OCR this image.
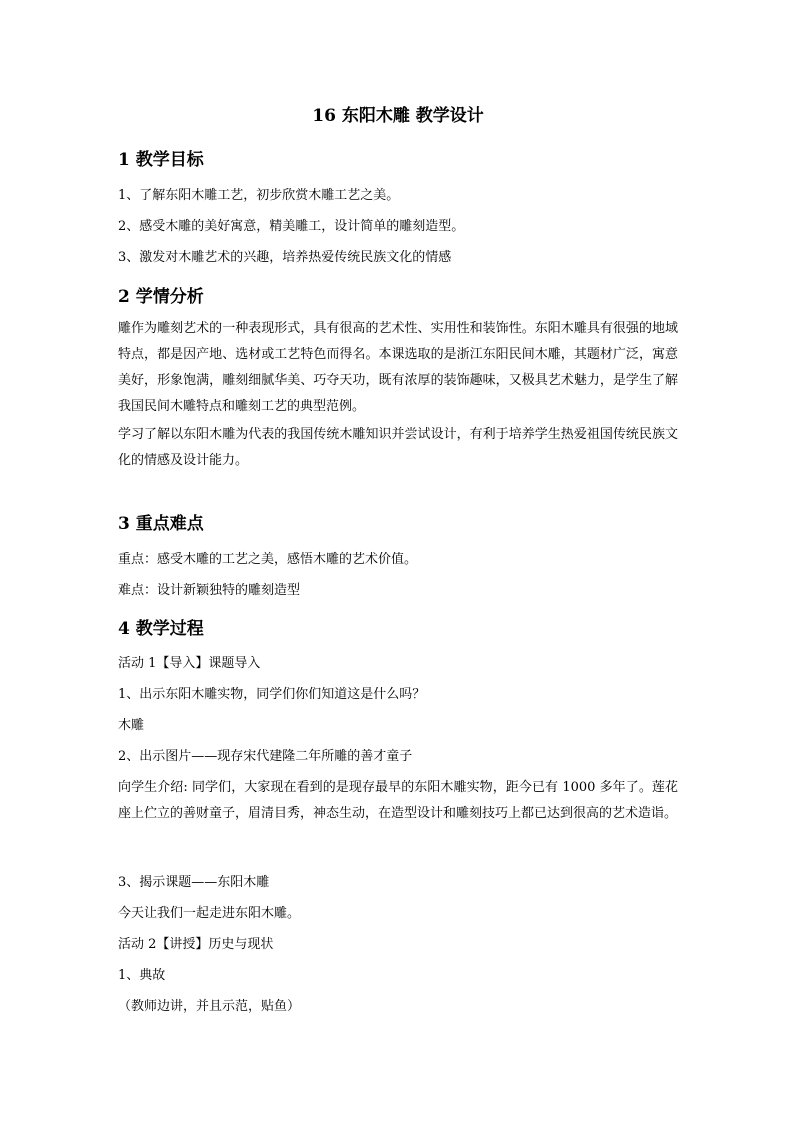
16 东阳木雕 教学设计
1 教学目标
1、了解东阳木雕工艺，初步欣赏木雕工艺之美。
2、感受木雕的美好寓意，精美雕工，设计简单的雕刻造型。
3、激发对木雕艺术的兴趣，培养热爱传统民族文化的情感
2 学情分析
雕作为雕刻艺术的一种表现形式，具有很高的艺术性、实用性和装饰性。东阳木雕具有很强的地域特点，都是因产地、选材或工艺特色而得名。本课选取的是浙江东阳民间木雕，其题材广泛，寓意美好，形象饱满，雕刻细腻华美、巧夺天功，既有浓厚的装饰趣味，又极具艺术魅力，是学生了解我国民间木雕特点和雕刻工艺的典型范例。
学习了解以东阳木雕为代表的我国传统木雕知识并尝试设计，有利于培养学生热爱祖国传统民族文化的情感及设计能力。
3 重点难点
重点：感受木雕的工艺之美，感悟木雕的艺术价值。
难点：设计新颖独特的雕刻造型
4 教学过程
活动 1【导入】课题导入
1、出示东阳木雕实物，同学们你们知道这是什么吗？
木雕
2、出示图片——现存宋代建隆二年所雕的善才童子
向学生介绍: 同学们，大家现在看到的是现存最早的东阳木雕实物，距今已有 1000 多年了。莲花座上伫立的善财童子，眉清目秀，神态生动，在造型设计和雕刻技巧上都已达到很高的艺术造诣。
3、揭示课题——东阳木雕
今天让我们一起走进东阳木雕。
活动 2【讲授】历史与现状
1、典故
（教师边讲，并且示范，贴鱼）
